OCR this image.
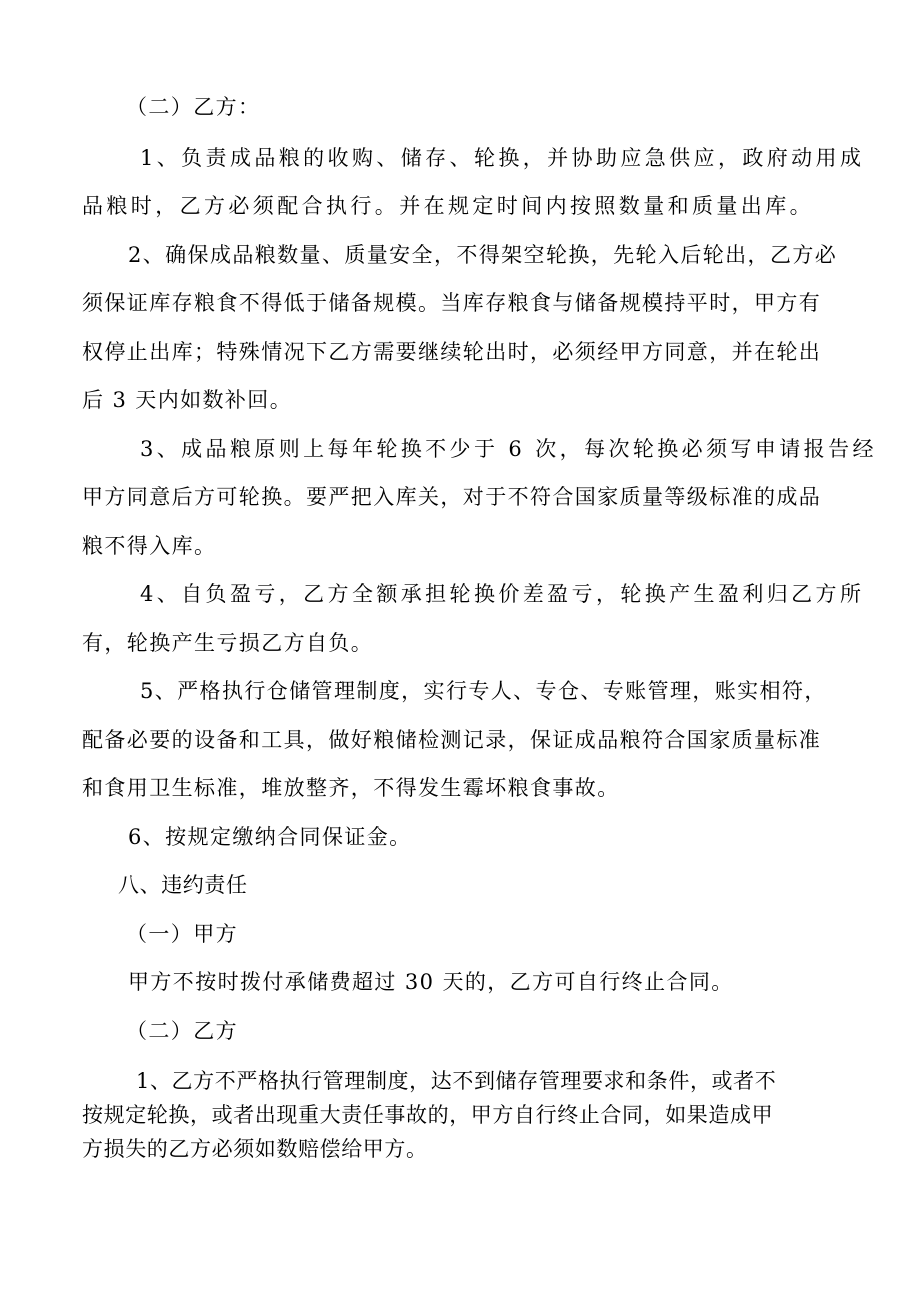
（二）乙方：
1、负责成品粮的收购、储存、轮换，并协助应急供应，政府动用成
品粮时，乙方必须配合执行。并在规定时间内按照数量和质量出库。
2、确保成品粮数量、质量安全，不得架空轮换，先轮入后轮出，乙方必
须保证库存粮食不得低于储备规模。当库存粮食与储备规模持平时，甲方有
权停止出库；特殊情况下乙方需要继续轮出时，必须经甲方同意，并在轮出
后 3 天内如数补回。
3、成品粮原则上每年轮换不少于 6 次，每次轮换必须写申请报告经
甲方同意后方可轮换。要严把入库关，对于不符合国家质量等级标准的成品
粮不得入库。
4、自负盈亏，乙方全额承担轮换价差盈亏，轮换产生盈利归乙方所
有，轮换产生亏损乙方自负。
5、严格执行仓储管理制度，实行专人、专仓、专账管理，账实相符，
配备必要的设备和工具，做好粮储检测记录，保证成品粮符合国家质量标准
和食用卫生标准，堆放整齐，不得发生霉坏粮食事故。
6、按规定缴纳合同保证金。
八、违约责任
（一）甲方
甲方不按时拨付承储费超过 30 天的，乙方可自行终止合同。
（二）乙方
1、乙方不严格执行管理制度，达不到储存管理要求和条件，或者不
按规定轮换，或者出现重大责任事故的，甲方自行终止合同，如果造成甲
方损失的乙方必须如数赔偿给甲方。
